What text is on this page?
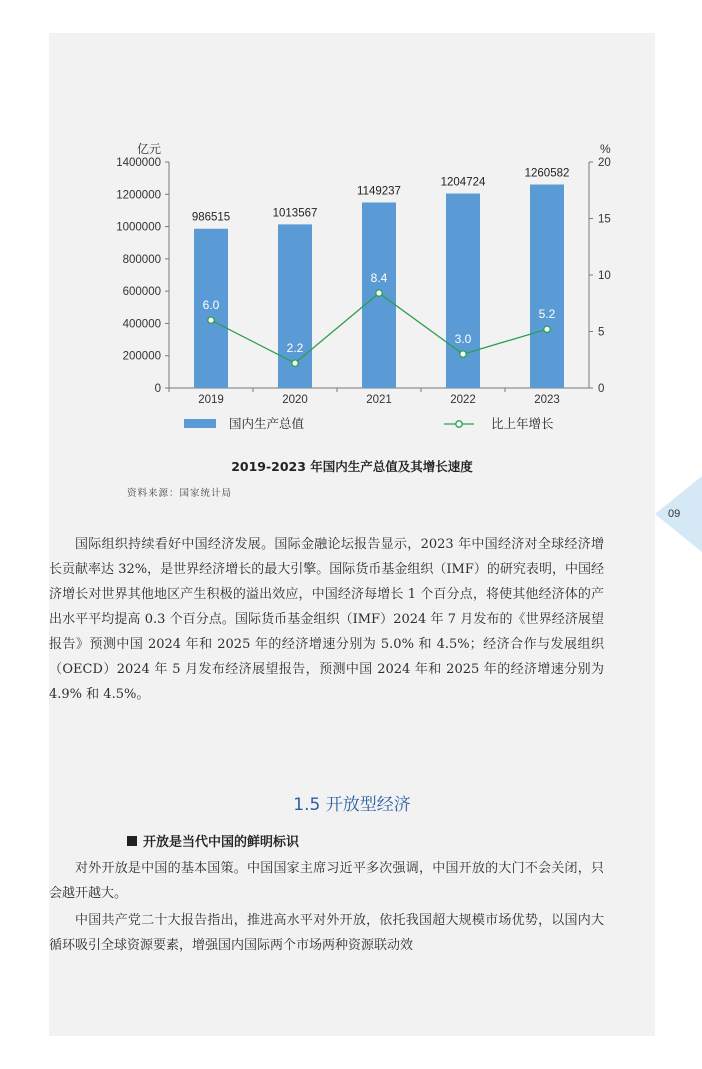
亿元	%
0
200000
400000
600000
800000
1000000
1200000
1400000
0
5
10
15
20
986515	1013567
1149237
1204724
1260582
2019	2020	2021	2022	2023
6.0
2.2
8.4
3.0
5.2
国内生产总值	比上年增长
2019-2023 年国内生产总值及其增长速度
资料来源：国家统计局
09

国际组织持续看好中国经济发展。国际金融论坛报告显示，2023 年中国经济对全球经济增长贡献率达 32%，是世界经济增长的最大引擎。国际货币基金组织（IMF）的研究表明，中国经济增长对世界其他地区产生积极的溢出效应，中国经济每增长 1 个百分点，将使其他经济体的产出水平平均提高 0.3 个百分点。国际货币基金组织（IMF）2024 年 7 月发布的《世界经济展望报告》预测中国 2024 年和 2025 年的经济增速分别为 5.0% 和 4.5%；经济合作与发展组织（OECD）2024 年 5 月发布经济展望报告，预测中国 2024 年和 2025 年的经济增速分别为 4.9% 和 4.5%。

1.5 开放型经济
开放是当代中国的鲜明标识

对外开放是中国的基本国策。中国国家主席习近平多次强调，中国开放的大门不会关闭，只会越开越大。

中国共产党二十大报告指出，推进高水平对外开放，依托我国超大规模市场优势，以国内大循环吸引全球资源要素，增强国内国际两个市场两种资源联动效
